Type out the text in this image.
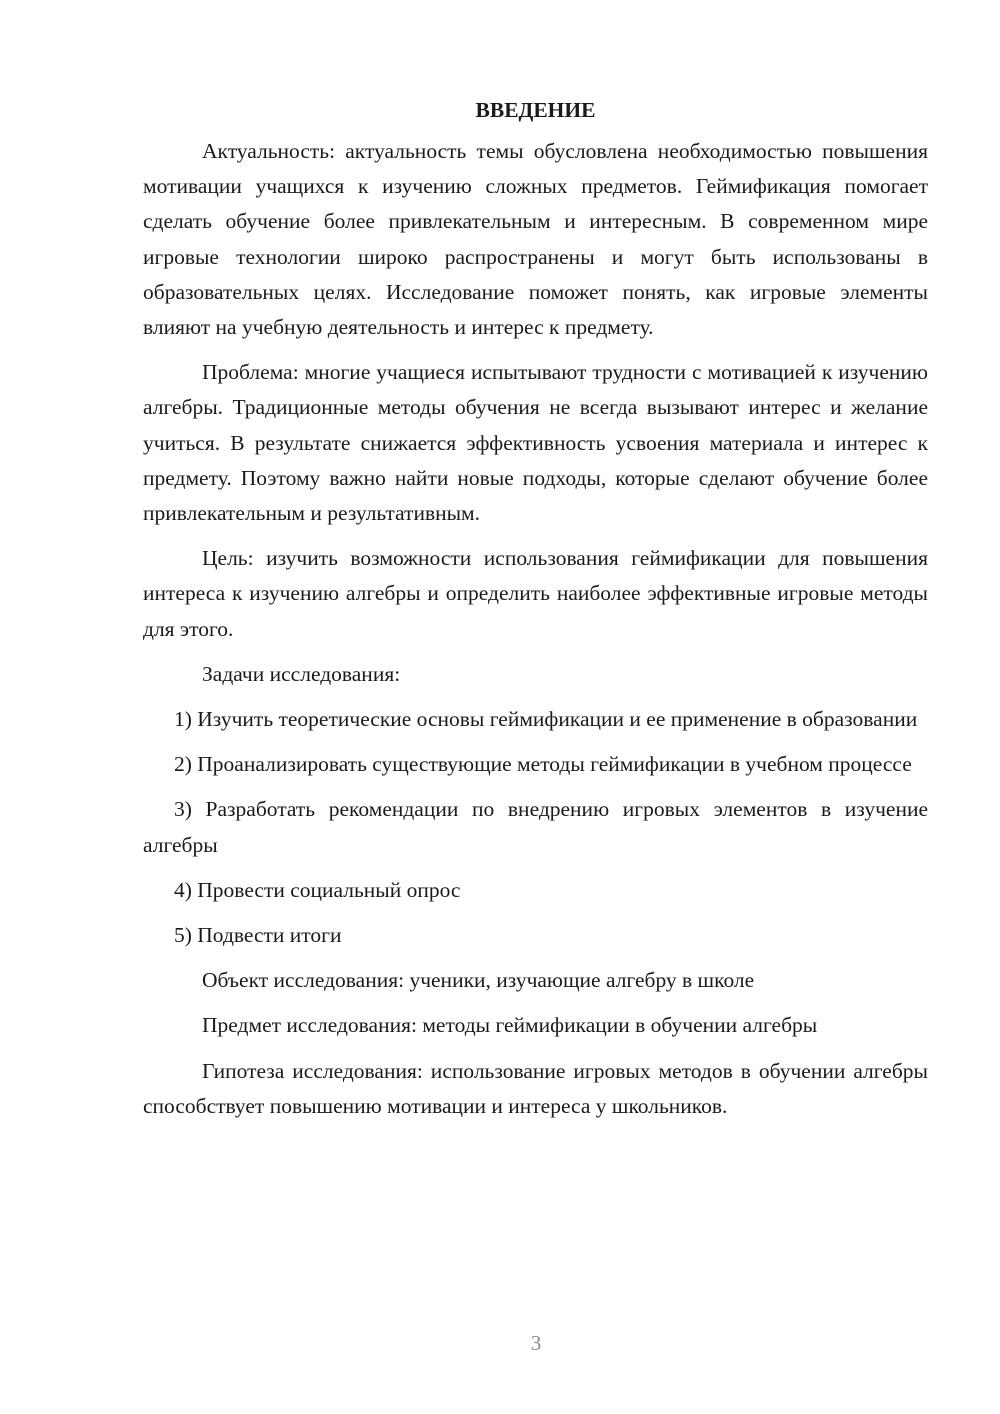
ВВЕДЕНИЕ

Актуальность: актуальность темы обусловлена необходимостью повышения мотивации учащихся к изучению сложных предметов. Геймификация помогает сделать обучение более привлекательным и интересным. В современном мире игровые технологии широко распространены и могут быть использованы в образовательных целях. Исследование поможет понять, как игровые элементы влияют на учебную деятельность и интерес к предмету.

Проблема: многие учащиеся испытывают трудности с мотивацией к изучению алгебры. Традиционные методы обучения не всегда вызывают интерес и желание учиться. В результате снижается эффективность усвоения материала и интерес к предмету. Поэтому важно найти новые подходы, которые сделают обучение более привлекательным и результативным.

Цель: изучить возможности использования геймификации для повышения интереса к изучению алгебры и определить наиболее эффективные игровые методы для этого.

Задачи исследования:

1) Изучить теоретические основы геймификации и ее применение в образовании

2) Проанализировать существующие методы геймификации в учебном процессе

3) Разработать рекомендации по внедрению игровых элементов в изучение алгебры

4) Провести социальный опрос

5) Подвести итоги

Объект исследования: ученики, изучающие алгебру в школе

Предмет исследования: методы геймификации в обучении алгебры

Гипотеза исследования: использование игровых методов в обучении алгебры способствует повышению мотивации и интереса у школьников.

3
